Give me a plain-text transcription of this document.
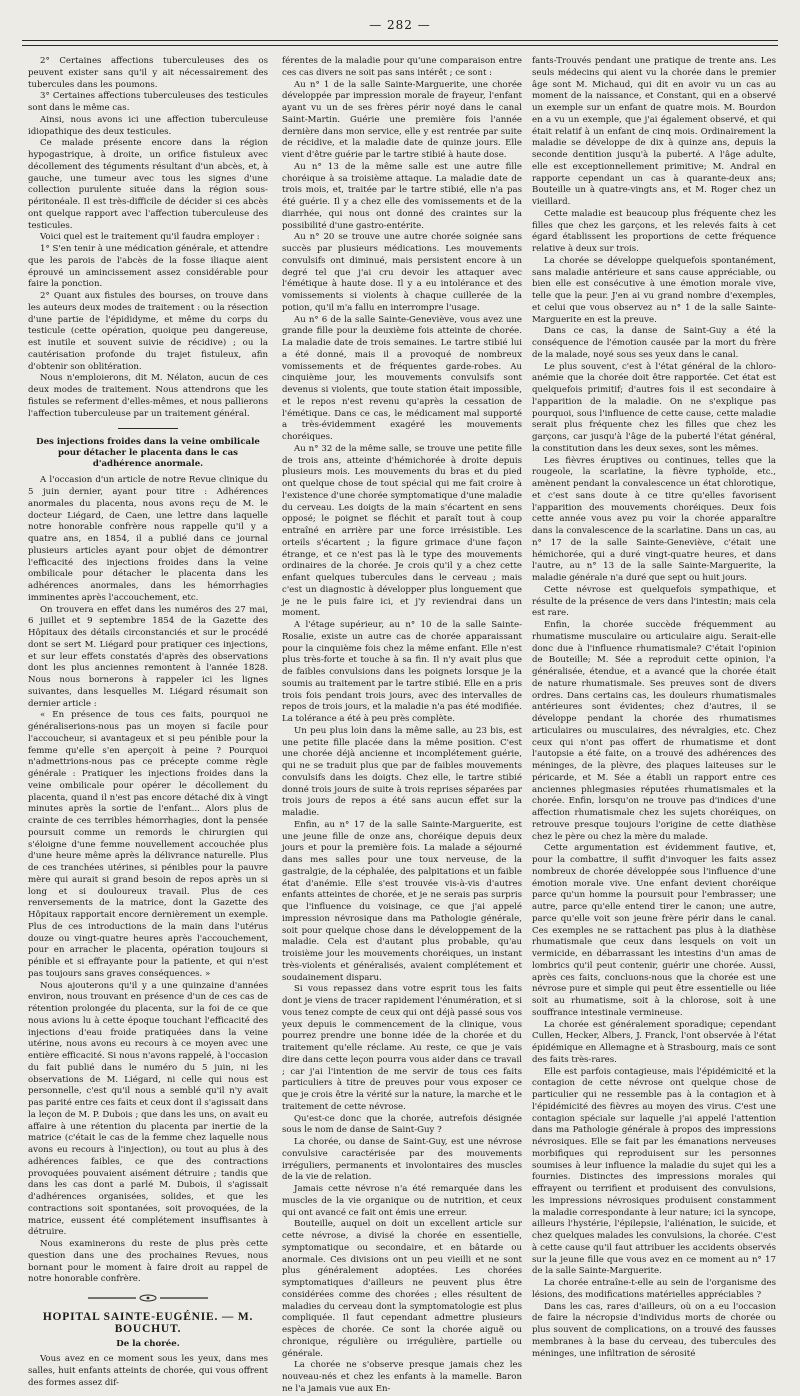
— 282 —

2° Certaines affections tuberculeuses des os peuvent exister sans qu'il y ait nécessairement des tubercules dans les poumons.

3° Certaines affections tuberculeuses des testicules sont dans le même cas.

Ainsi, nous avons ici une affection tuberculeuse idiopathique des deux testicules.

Ce malade présente encore dans la région hypogastrique, à droite, un orifice fistuleux avec décollement des téguments résultant d'un abcès, et, à gauche, une tumeur avec tous les signes d'une collection purulente située dans la région sous-péritonéale. Il est très-difficile de décider si ces abcès ont quelque rapport avec l'affection tuberculeuse des testicules.

Voici quel est le traitement qu'il faudra employer :

1° S'en tenir à une médication générale, et attendre que les parois de l'abcès de la fosse iliaque aient éprouvé un amincissement assez considérable pour faire la ponction.

2° Quant aux fistules des bourses, on trouve dans les auteurs deux modes de traitement : ou la résection d'une partie de l'épididyme, et même du corps du testicule (cette opération, quoique peu dangereuse, est inutile et souvent suivie de récidive) ; ou la cautérisation profonde du trajet fistuleux, afin d'obtenir son oblitération.

Nous n'emploierons, dit M. Nélaton, aucun de ces deux modes de traitement. Nous attendrons que les fistules se referment d'elles-mêmes, et nous pallierons l'affection tuberculeuse par un traitement général.

Des injections froides dans la veine ombilicale pour détacher le placenta dans le cas d'adhérence anormale.

A l'occasion d'un article de notre Revue clinique du 5 juin dernier, ayant pour titre : Adhérences anormales du placenta, nous avons reçu de M. le docteur Liégard, de Caen, une lettre dans laquelle notre honorable confrère nous rappelle qu'il y a quatre ans, en 1854, il a publié dans ce journal plusieurs articles ayant pour objet de démontrer l'efficacité des injections froides dans la veine ombilicale pour détacher le placenta dans les adhérences anormales, dans les hémorrhagies imminentes après l'accouchement, etc.

On trouvera en effet dans les numéros des 27 mai, 6 juillet et 9 septembre 1854 de la Gazette des Hôpitaux des détails circonstanciés et sur le procédé dont se sert M. Liégard pour pratiquer ces injections, et sur leur effets constatés d'après des observations dont les plus anciennes remontent à l'année 1828. Nous nous bornerons à rappeler ici les lignes suivantes, dans lesquelles M. Liégard résumait son dernier article :

« En présence de tous ces faits, pourquoi ne généraliserions-nous pas un moyen si facile pour l'accoucheur, si avantageux et si peu pénible pour la femme qu'elle s'en aperçoit à peine ? Pourquoi n'admettrions-nous pas ce précepte comme règle générale : Pratiquer les injections froides dans la veine ombilicale pour opérer le décollement du placenta, quand il n'est pas encore détaché dix à vingt minutes après la sortie de l'enfant... Alors plus de crainte de ces terribles hémorrhagies, dont la pensée poursuit comme un remords le chirurgien qui s'éloigne d'une femme nouvellement accouchée plus d'une heure même après la délivrance naturelle. Plus de ces tranchées utérines, si pénibles pour la pauvre mère qui aurait si grand besoin de repos après un si long et si douloureux travail. Plus de ces renversements de la matrice, dont la Gazette des Hôpitaux rapportait encore dernièrement un exemple. Plus de ces introductions de la main dans l'utérus douze ou vingt-quatre heures après l'accouchement, pour en arracher le placenta, opération toujours si pénible et si effrayante pour la patiente, et qui n'est pas toujours sans graves conséquences. »

Nous ajouterons qu'il y a une quinzaine d'années environ, nous trouvant en présence d'un de ces cas de rétention prolongée du placenta, sur la foi de ce que nous avions lu à cette époque touchant l'efficacité des injections d'eau froide pratiquées dans la veine utérine, nous avons eu recours à ce moyen avec une entière efficacité. Si nous n'avons rappelé, à l'occasion du fait publié dans le numéro du 5 juin, ni les observations de M. Liégard, ni celle qui nous est personnelle, c'est qu'il nous a semblé qu'il n'y avait pas parité entre ces faits et ceux dont il s'agissait dans la leçon de M. P. Dubois ; que dans les uns, on avait eu affaire à une rétention du placenta par inertie de la matrice (c'était le cas de la femme chez laquelle nous avons eu recours à l'injection), ou tout au plus à des adhérences faibles, ce que des contractions provoquées pouvaient aisément détruire ; tandis que dans les cas dont a parlé M. Dubois, il s'agissait d'adhérences organisées, solides, et que les contractions soit spontanées, soit provoquées, de la matrice, eussent été complétement insuffisantes à détruire.

Nous examinerons du reste de plus près cette question dans une des prochaines Revues, nous bornant pour le moment à faire droit au rappel de notre honorable confrère.

HOPITAL SAINTE-EUGÉNIE. — M. BOUCHUT.
De la chorée.

Vous avez en ce moment sous les yeux, dans mes salles, huit enfants atteints de chorée, qui vous offrent des formes assez dif-

férentes de la maladie pour qu'une comparaison entre ces cas divers ne soit pas sans intérêt ; ce sont :

Au n° 1 de la salle Sainte-Marguerite, une chorée développée par impression morale de frayeur, l'enfant ayant vu un de ses frères périr noyé dans le canal Saint-Martin. Guérie une première fois l'année dernière dans mon service, elle y est rentrée par suite de récidive, et la maladie date de quinze jours. Elle vient d'être guérie par le tartre stibié à haute dose.

Au n° 13 de la même salle est une autre fille choréique à sa troisième attaque. La maladie date de trois mois, et, traitée par le tartre stibié, elle n'a pas été guérie. Il y a chez elle des vomissements et de la diarrhée, qui nous ont donné des craintes sur la possibilité d'une gastro-entérite.

Au n° 20 se trouve une autre chorée soignée sans succès par plusieurs médications. Les mouvements convulsifs ont diminué, mais persistent encore à un degré tel que j'ai cru devoir les attaquer avec l'émétique à haute dose. Il y a eu intolérance et des vomissements si violents à chaque cuillerée de la potion, qu'il m'a fallu en interrompre l'usage.

Au n° 6 de la salle Sainte-Geneviève, vous avez une grande fille pour la deuxième fois atteinte de chorée. La maladie date de trois semaines. Le tartre stibié lui a été donné, mais il a provoqué de nombreux vomissements et de fréquentes garde-robes. Au cinquième jour, les mouvements convulsifs sont devenus si violents, que toute station était impossible, et le repos n'est revenu qu'après la cessation de l'émétique. Dans ce cas, le médicament mal supporté a très-évidemment exagéré les mouvements choréiques.

Au n° 32 de la même salle, se trouve une petite fille de trois ans, atteinte d'hémichorée à droite depuis plusieurs mois. Les mouvements du bras et du pied ont quelque chose de tout spécial qui me fait croire à l'existence d'une chorée symptomatique d'une maladie du cerveau. Les doigts de la main s'écartent en sens opposé; le poignet se fléchit et paraît tout à coup entraîné en arrière par une force irrésistible. Les orteils s'écartent ; la figure grimace d'une façon étrange, et ce n'est pas là le type des mouvements ordinaires de la chorée. Je crois qu'il y a chez cette enfant quelques tubercules dans le cerveau ; mais c'est un diagnostic à développer plus longuement que je ne le puis faire ici, et j'y reviendrai dans un moment.

A l'étage supérieur, au n° 10 de la salle Sainte-Rosalie, existe un autre cas de chorée apparaissant pour la cinquième fois chez la même enfant. Elle n'est plus très-forte et touche à sa fin. Il n'y avait plus que de faibles convulsions dans les poignets lorsque je la soumis au traitement par le tartre stibié. Elle en a pris trois fois pendant trois jours, avec des intervalles de repos de trois jours, et la maladie n'a pas été modifiée. La tolérance a été à peu près complète.

Un peu plus loin dans la même salle, au 23 bis, est une petite fille placée dans la même position. C'est une chorée déjà ancienne et incomplétement guérie, qui ne se traduit plus que par de faibles mouvements convulsifs dans les doigts. Chez elle, le tartre stibié donné trois jours de suite à trois reprises séparées par trois jours de repos a été sans aucun effet sur la maladie.

Enfin, au n° 17 de la salle Sainte-Marguerite, est une jeune fille de onze ans, choréique depuis deux jours et pour la première fois. La malade a séjourné dans mes salles pour une toux nerveuse, de la gastralgie, de la céphalée, des palpitations et un faible état d'anémie. Elle s'est trouvée vis-à-vis d'autres enfants atteintes de chorée, et je ne serais pas surpris que l'influence du voisinage, ce que j'ai appelé impression névrosique dans ma Pathologie générale, soit pour quelque chose dans le développement de la maladie. Cela est d'autant plus probable, qu'au troisième jour les mouvements choréiques, un instant très-violents et généralisés, avaient complétement et soudainement disparu.

Si vous repassez dans votre esprit tous les faits dont je viens de tracer rapidement l'énumération, et si vous tenez compte de ceux qui ont déjà passé sous vos yeux depuis le commencement de la clinique, vous pourrez prendre une bonne idée de la chorée et du traitement qu'elle réclame. Au reste, ce que je vais dire dans cette leçon pourra vous aider dans ce travail ; car j'ai l'intention de me servir de tous ces faits particuliers à titre de preuves pour vous exposer ce que je crois être la vérité sur la nature, la marche et le traitement de cette névrose.

Qu'est-ce donc que la chorée, autrefois désignée sous le nom de danse de Saint-Guy ?

La chorée, ou danse de Saint-Guy, est une névrose convulsive caractérisée par des mouvements irréguliers, permanents et involontaires des muscles de la vie de relation.

Jamais cette névrose n'a été remarquée dans les muscles de la vie organique ou de nutrition, et ceux qui ont avancé ce fait ont émis une erreur.

Bouteille, auquel on doit un excellent article sur cette névrose, a divisé la chorée en essentielle, symptomatique ou secondaire, et en bâtarde ou anormale. Ces divisions ont un peu vieilli et ne sont plus généralement adoptées. Les chorées symptomatiques d'ailleurs ne peuvent plus être considérées comme des chorées ; elles résultent de maladies du cerveau dont la symptomatologie est plus compliquée. Il faut cependant admettre plusieurs espèces de chorée. Ce sont la chorée aiguë ou chronique, régulière ou irrégulière, partielle ou générale.

La chorée ne s'observe presque jamais chez les nouveau-nés et chez les enfants à la mamelle. Baron ne l'a jamais vue aux En-

fants-Trouvés pendant une pratique de trente ans. Les seuls médecins qui aient vu la chorée dans le premier âge sont M. Michaud, qui dit en avoir vu un cas au moment de la naissance, et Constant, qui en a observé un exemple sur un enfant de quatre mois. M. Bourdon en a vu un exemple, que j'ai également observé, et qui était relatif à un enfant de cinq mois. Ordinairement la maladie se développe de dix à quinze ans, depuis la seconde dentition jusqu'à la puberté. A l'âge adulte, elle est exceptionnellement primitive; M. Andral en rapporte cependant un cas à quarante-deux ans; Bouteille un à quatre-vingts ans, et M. Roger chez un vieillard.

Cette maladie est beaucoup plus fréquente chez les filles que chez les garçons, et les relevés faits à cet égard établissent les proportions de cette fréquence relative à deux sur trois.

La chorée se développe quelquefois spontanément, sans maladie antérieure et sans cause appréciable, ou bien elle est consécutive à une émotion morale vive, telle que la peur. J'en ai vu grand nombre d'exemples, et celui que vous observez au n° 1 de la salle Sainte-Marguerite en est la preuve.

Dans ce cas, la danse de Saint-Guy a été la conséquence de l'émotion causée par la mort du frère de la malade, noyé sous ses yeux dans le canal.

Le plus souvent, c'est à l'état général de la chloro-anémie que la chorée doit être rapportée. Cet état est quelquefois primitif; d'autres fois il est secondaire à l'apparition de la maladie. On ne s'explique pas pourquoi, sous l'influence de cette cause, cette maladie serait plus fréquente chez les filles que chez les garçons, car jusqu'à l'âge de la puberté l'état général, la constitution dans les deux sexes, sont les mêmes.

Les fièvres éruptives ou continues, telles que la rougeole, la scarlatine, la fièvre typhoïde, etc., amènent pendant la convalescence un état chlorotique, et c'est sans doute à ce titre qu'elles favorisent l'apparition des mouvements choréiques. Deux fois cette année vous avez pu voir la chorée apparaître dans la convalescence de la scarlatine. Dans un cas, au n° 17 de la salle Sainte-Geneviève, c'était une hémichorée, qui a duré vingt-quatre heures, et dans l'autre, au n° 13 de la salle Sainte-Marguerite, la maladie générale n'a duré que sept ou huit jours.

Cette névrose est quelquefois sympathique, et résulte de la présence de vers dans l'intestin; mais cela est rare.

Enfin, la chorée succède fréquemment au rhumatisme musculaire ou articulaire aigu. Serait-elle donc due à l'influence rhumatismale? C'était l'opinion de Bouteille; M. Sée a reproduit cette opinion, l'a généralisée, étendue, et a avancé que la chorée était de nature rhumatismale. Ses preuves sont de divers ordres. Dans certains cas, les douleurs rhumatismales antérieures sont évidentes; chez d'autres, il se développe pendant la chorée des rhumatismes articulaires ou musculaires, des névralgies, etc. Chez ceux qui n'ont pas offert de rhumatisme et dont l'autopsie a été faite, on a trouvé des adhérences des méninges, de la plèvre, des plaques laiteuses sur le péricarde, et M. Sée a établi un rapport entre ces anciennes phlegmasies réputées rhumatismales et la chorée. Enfin, lorsqu'on ne trouve pas d'indices d'une affection rhumatismale chez les sujets choréiques, on retrouve presque toujours l'origine de cette diathèse chez le père ou chez la mère du malade.

Cette argumentation est évidemment fautive, et, pour la combattre, il suffit d'invoquer les faits assez nombreux de chorée développée sous l'influence d'une émotion morale vive. Une enfant devient choréique parce qu'un homme la poursuit pour l'embrasser; une autre, parce qu'elle entend tirer le canon; une autre, parce qu'elle voit son jeune frère périr dans le canal. Ces exemples ne se rattachent pas plus à la diathèse rhumatismale que ceux dans lesquels on voit un vermicide, en débarrassant les intestins d'un amas de lombrics qu'il peut contenir, guérir une chorée. Aussi, après ces faits, concluons-nous que la chorée est une névrose pure et simple qui peut être essentielle ou liée soit au rhumatisme, soit à la chlorose, soit à une souffrance intestinale vermineuse.

La chorée est généralement sporadique; cependant Cullen, Hecker, Albers, J. Franck, l'ont observée à l'état épidémique en Allemagne et à Strasbourg, mais ce sont des faits très-rares.

Elle est parfois contagieuse, mais l'épidémicité et la contagion de cette névrose ont quelque chose de particulier qui ne ressemble pas à la contagion et à l'épidémicité des fièvres au moyen des virus. C'est une contagion spéciale sur laquelle j'ai appelé l'attention dans ma Pathologie générale à propos des impressions névrosiques. Elle se fait par les émanations nerveuses morbifiques qui reproduisent sur les personnes soumises à leur influence la maladie du sujet qui les a fournies. Distinctes des impressions morales qui effrayent ou terrifient et produisent des convulsions, les impressions névrosiques produisent constamment la maladie correspondante à leur nature; ici la syncope, ailleurs l'hystérie, l'épilepsie, l'aliénation, le suicide, et chez quelques malades les convulsions, la chorée. C'est à cette cause qu'il faut attribuer les accidents observés sur la jeune fille que vous avez en ce moment au n° 17 de la salle Sainte-Marguerite.

La chorée entraîne-t-elle au sein de l'organisme des lésions, des modifications matérielles appréciables ?

Dans les cas, rares d'ailleurs, où on a eu l'occasion de faire la nécropsie d'individus morts de chorée ou plus souvent de complications, on a trouvé des fausses membranes à la base du cerveau, des tubercules des méninges, une infiltration de sérosité
